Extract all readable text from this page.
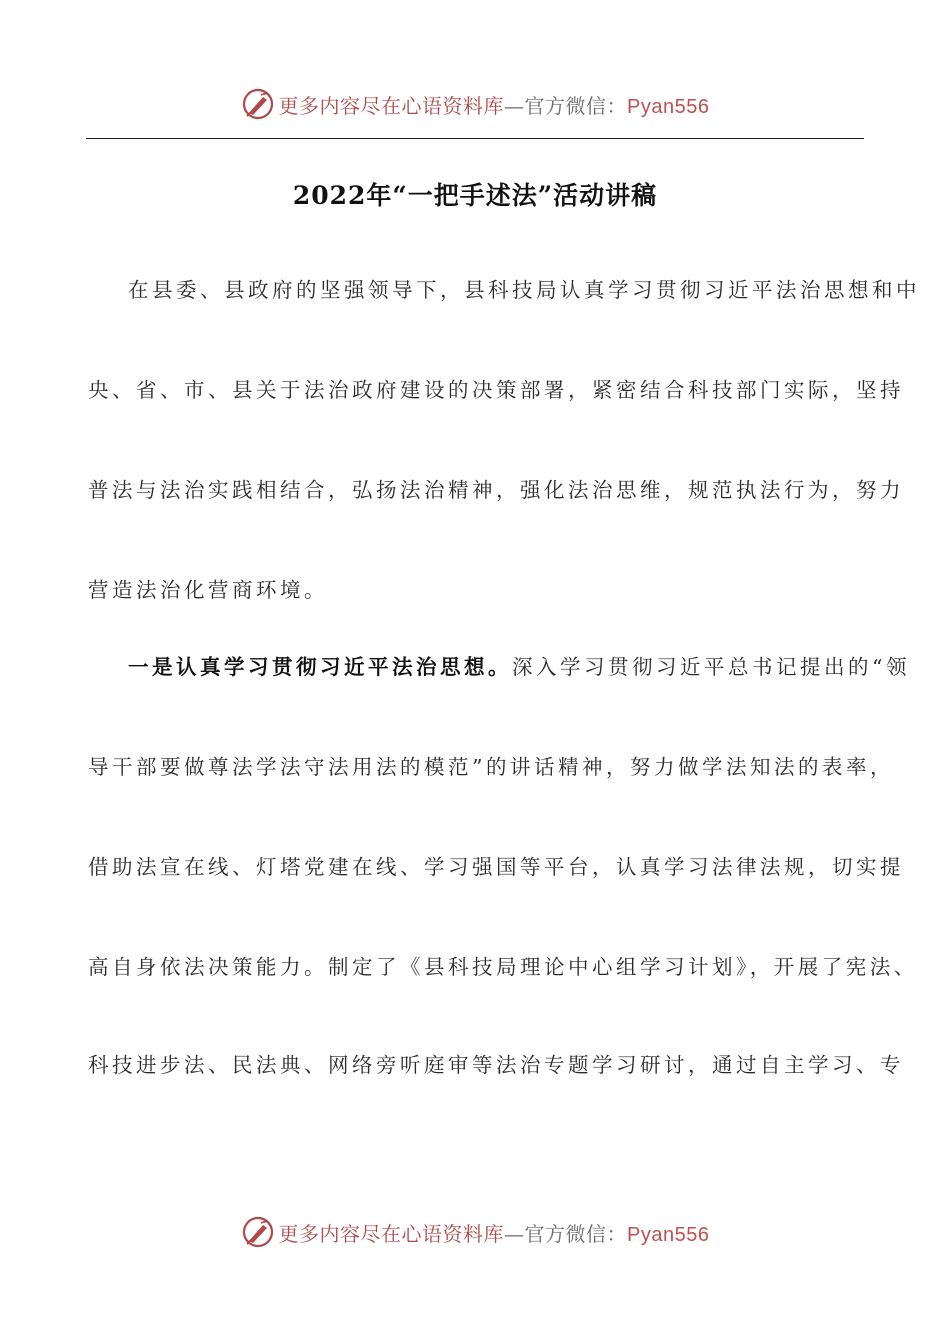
更多内容尽在心语资料库—官方微信：Pyan556
2022年“一把手述法”活动讲稿
在县委、县政府的坚强领导下，县科技局认真学习贯彻习近平法治思想和中
央、省、市、县关于法治政府建设的决策部署，紧密结合科技部门实际，坚持
普法与法治实践相结合，弘扬法治精神，强化法治思维，规范执法行为，努力
营造法治化营商环境。
一是认真学习贯彻习近平法治思想。深入学习贯彻习近平总书记提出的“领
导干部要做尊法学法守法用法的模范”的讲话精神，努力做学法知法的表率，
借助法宣在线、灯塔党建在线、学习强国等平台，认真学习法律法规，切实提
高自身依法决策能力。制定了《县科技局理论中心组学习计划》，开展了宪法、
科技进步法、民法典、网络旁听庭审等法治专题学习研讨，通过自主学习、专
更多内容尽在心语资料库—官方微信：Pyan556
